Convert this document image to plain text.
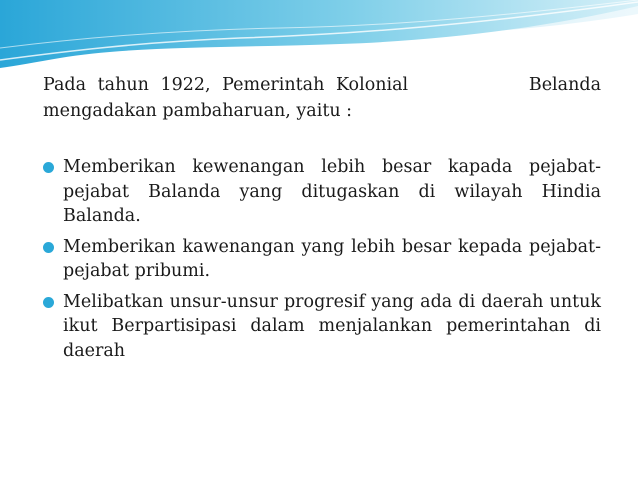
Pada tahun 1922, Pemerintah Kolonial	Belanda
mengadakan pambaharuan, yaitu :

Memberikan kewenangan lebih besar kapada pejabat-pejabat Balanda yang ditugaskan di wilayah Hindia Balanda.
Memberikan kawenangan yang lebih besar kepada pejabat-pejabat pribumi.
Melibatkan unsur-unsur progresif yang ada di daerah untuk ikut Berpartisipasi dalam menjalankan pemerintahan di daerah
